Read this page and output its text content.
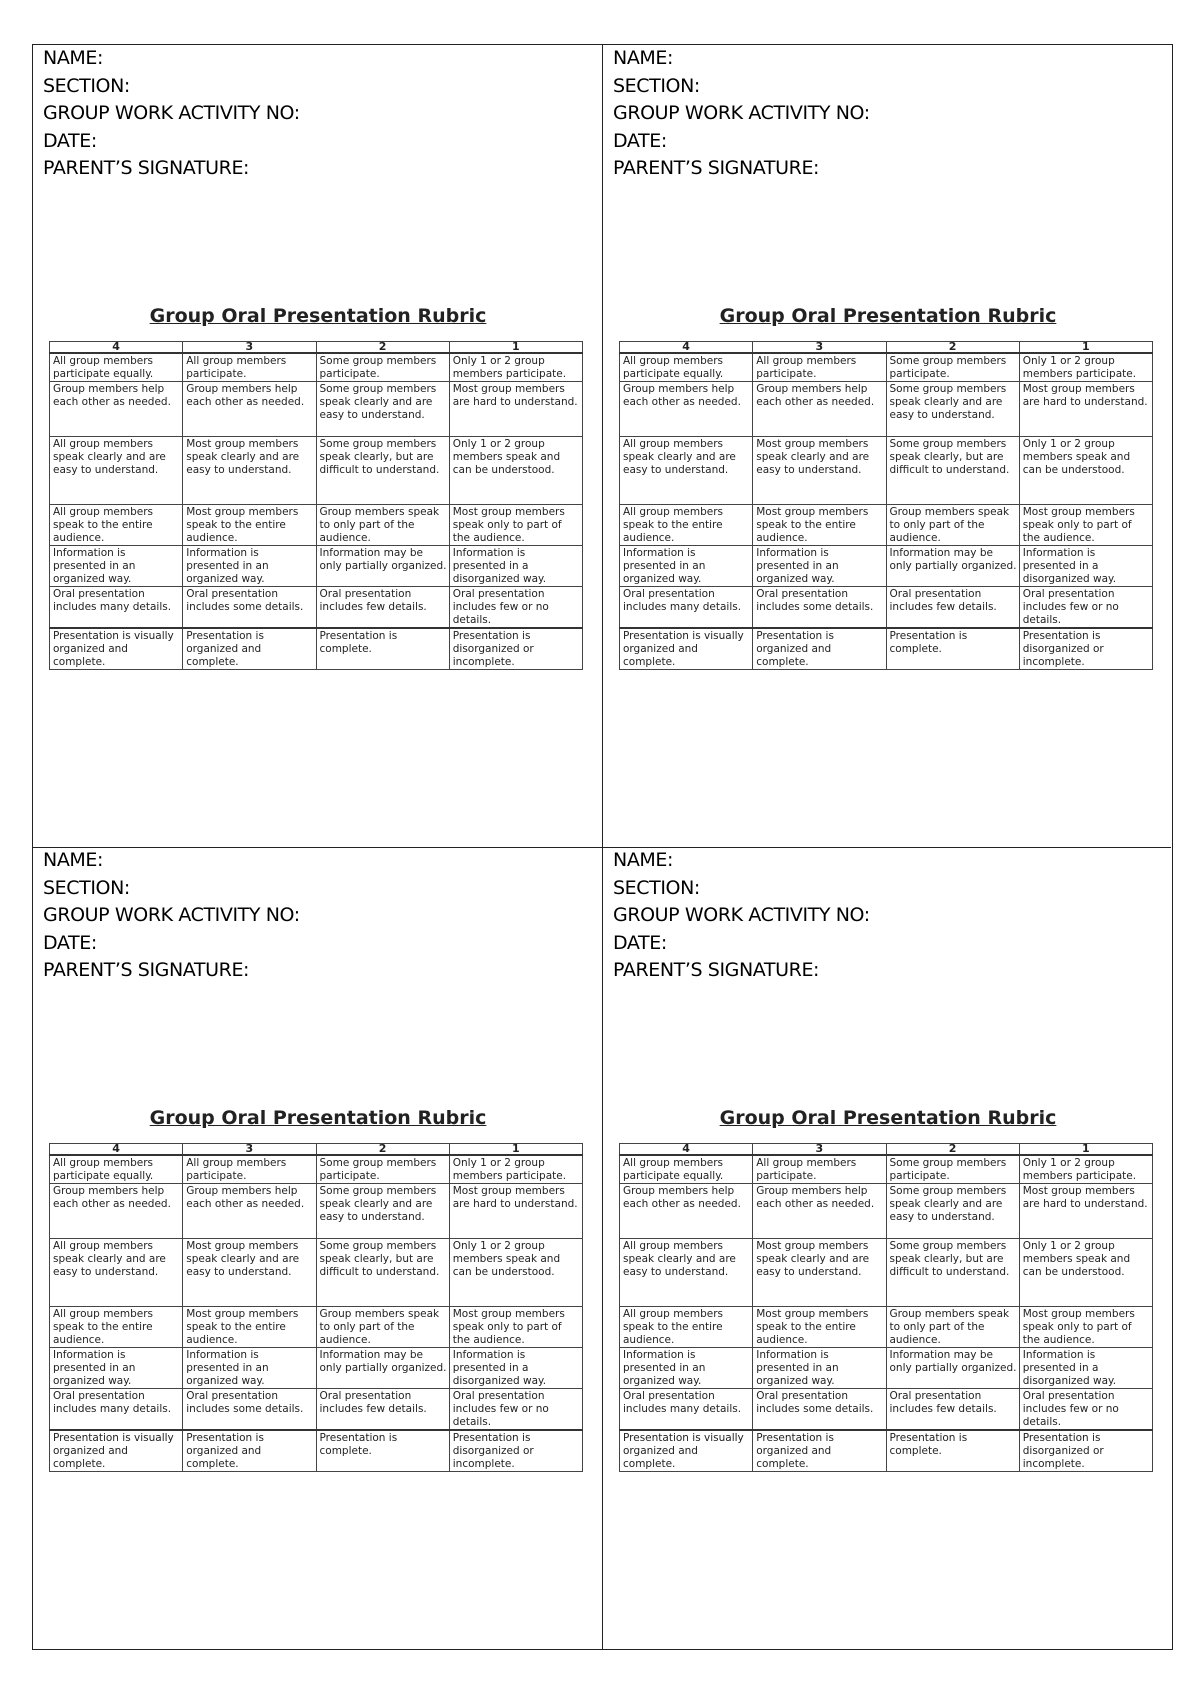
NAME:
SECTION:
GROUP WORK ACTIVITY NO:
DATE:
PARENT’S SIGNATURE:
Group Oral Presentation Rubric
4	3	2	1
All group members participate equally.	All group members participate.	Some group members participate.	Only 1 or 2 group members participate.
Group members help each other as needed.	Group members help each other as needed.	Some group members speak clearly and are easy to understand.	Most group members are hard to understand.
All group members speak clearly and are easy to understand.	Most group members speak clearly and are easy to understand.	Some group members speak clearly, but are difficult to understand.	Only 1 or 2 group members speak and can be understood.
All group members speak to the entire audience.	Most group members speak to the entire audience.	Group members speak to only part of the audience.	Most group members speak only to part of the audience.
Information is presented in an organized way.	Information is presented in an organized way.	Information may be only partially organized.	Information is presented in a disorganized way.
Oral presentation includes many details.	Oral presentation includes some details.	Oral presentation includes few details.	Oral presentation includes few or no details.
Presentation is visually organized and complete.	Presentation is organized and complete.	Presentation is complete.	Presentation is disorganized or incomplete.
NAME:
SECTION:
GROUP WORK ACTIVITY NO:
DATE:
PARENT’S SIGNATURE:
Group Oral Presentation Rubric
4	3	2	1
All group members participate equally.	All group members participate.	Some group members participate.	Only 1 or 2 group members participate.
Group members help each other as needed.	Group members help each other as needed.	Some group members speak clearly and are easy to understand.	Most group members are hard to understand.
All group members speak clearly and are easy to understand.	Most group members speak clearly and are easy to understand.	Some group members speak clearly, but are difficult to understand.	Only 1 or 2 group members speak and can be understood.
All group members speak to the entire audience.	Most group members speak to the entire audience.	Group members speak to only part of the audience.	Most group members speak only to part of the audience.
Information is presented in an organized way.	Information is presented in an organized way.	Information may be only partially organized.	Information is presented in a disorganized way.
Oral presentation includes many details.	Oral presentation includes some details.	Oral presentation includes few details.	Oral presentation includes few or no details.
Presentation is visually organized and complete.	Presentation is organized and complete.	Presentation is complete.	Presentation is disorganized or incomplete.
NAME:
SECTION:
GROUP WORK ACTIVITY NO:
DATE:
PARENT’S SIGNATURE:
Group Oral Presentation Rubric
4	3	2	1
All group members participate equally.	All group members participate.	Some group members participate.	Only 1 or 2 group members participate.
Group members help each other as needed.	Group members help each other as needed.	Some group members speak clearly and are easy to understand.	Most group members are hard to understand.
All group members speak clearly and are easy to understand.	Most group members speak clearly and are easy to understand.	Some group members speak clearly, but are difficult to understand.	Only 1 or 2 group members speak and can be understood.
All group members speak to the entire audience.	Most group members speak to the entire audience.	Group members speak to only part of the audience.	Most group members speak only to part of the audience.
Information is presented in an organized way.	Information is presented in an organized way.	Information may be only partially organized.	Information is presented in a disorganized way.
Oral presentation includes many details.	Oral presentation includes some details.	Oral presentation includes few details.	Oral presentation includes few or no details.
Presentation is visually organized and complete.	Presentation is organized and complete.	Presentation is complete.	Presentation is disorganized or incomplete.
NAME:
SECTION:
GROUP WORK ACTIVITY NO:
DATE:
PARENT’S SIGNATURE:
Group Oral Presentation Rubric
4	3	2	1
All group members participate equally.	All group members participate.	Some group members participate.	Only 1 or 2 group members participate.
Group members help each other as needed.	Group members help each other as needed.	Some group members speak clearly and are easy to understand.	Most group members are hard to understand.
All group members speak clearly and are easy to understand.	Most group members speak clearly and are easy to understand.	Some group members speak clearly, but are difficult to understand.	Only 1 or 2 group members speak and can be understood.
All group members speak to the entire audience.	Most group members speak to the entire audience.	Group members speak to only part of the audience.	Most group members speak only to part of the audience.
Information is presented in an organized way.	Information is presented in an organized way.	Information may be only partially organized.	Information is presented in a disorganized way.
Oral presentation includes many details.	Oral presentation includes some details.	Oral presentation includes few details.	Oral presentation includes few or no details.
Presentation is visually organized and complete.	Presentation is organized and complete.	Presentation is complete.	Presentation is disorganized or incomplete.
